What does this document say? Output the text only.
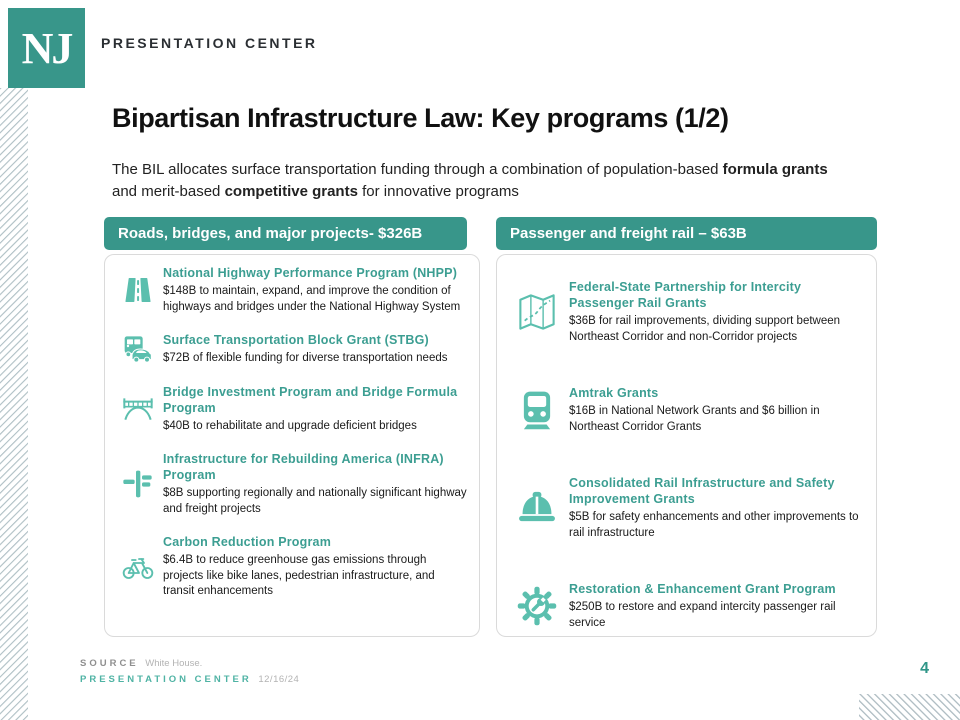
NJ PRESENTATION CENTER
Bipartisan Infrastructure Law: Key programs (1/2)

The BIL allocates surface transportation funding through a combination of population-based formula grants and merit-based competitive grants for innovative programs

Roads, bridges, and major projects- $326B
National Highway Performance Program (NHPP)
$148B to maintain, expand, and improve the condition of highways and bridges under the National Highway System
Surface Transportation Block Grant (STBG)
$72B of flexible funding for diverse transportation needs
Bridge Investment Program and Bridge Formula Program
$40B to rehabilitate and upgrade deficient bridges
Infrastructure for Rebuilding America (INFRA) Program
$8B supporting regionally and nationally significant highway and freight projects
Carbon Reduction Program
$6.4B to reduce greenhouse gas emissions through projects like bike lanes, pedestrian infrastructure, and transit enhancements
Passenger and freight rail – $63B
Federal-State Partnership for Intercity Passenger Rail Grants
$36B for rail improvements, dividing support between Northeast Corridor and non-Corridor projects
Amtrak Grants
$16B in National Network Grants and $6 billion in Northeast Corridor Grants
Consolidated Rail Infrastructure and Safety Improvement Grants
$5B for safety enhancements and other improvements to rail infrastructure
Restoration & Enhancement Grant Program
$250B to restore and expand intercity passenger rail service
SOURCE White House.
PRESENTATION CENTER 12/16/24
4
